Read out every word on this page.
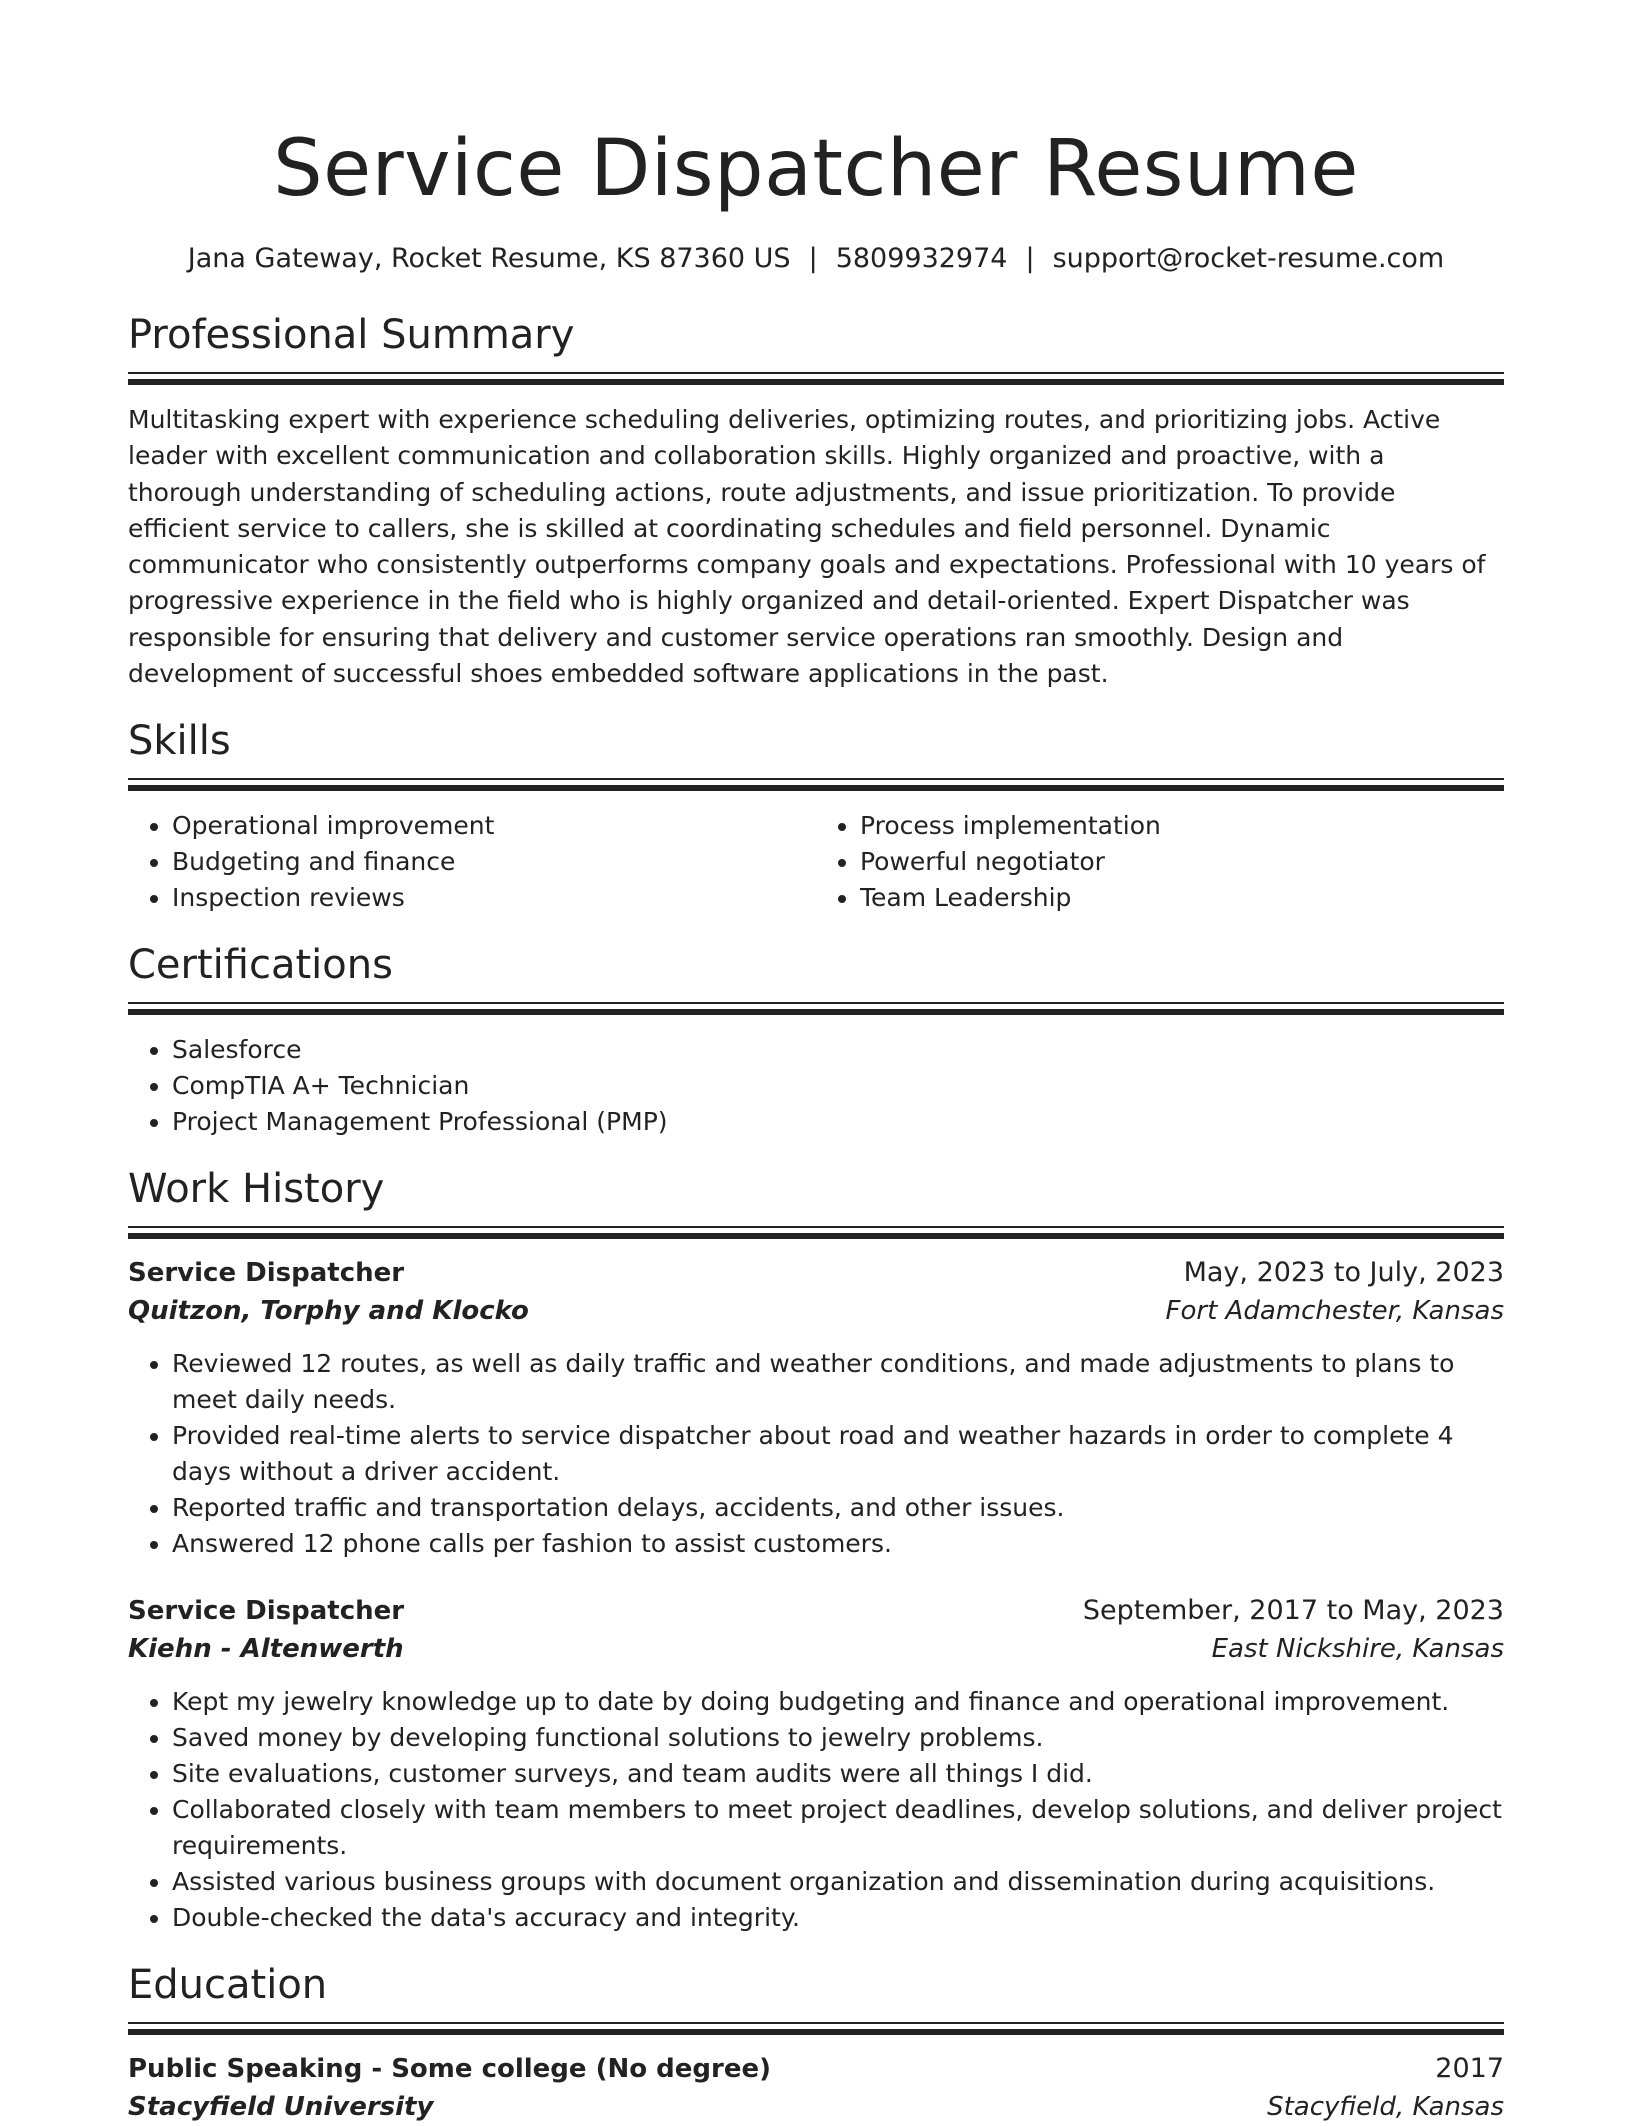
Service Dispatcher Resume
Jana Gateway, Rocket Resume, KS 87360 US | 5809932974 | support@rocket-resume.com
Professional Summary

Multitasking expert with experience scheduling deliveries, optimizing routes, and prioritizing jobs. Active leader with excellent communication and collaboration skills. Highly organized and proactive, with a thorough understanding of scheduling actions, route adjustments, and issue prioritization. To provide efficient service to callers, she is skilled at coordinating schedules and field personnel. Dynamic communicator who consistently outperforms company goals and expectations. Professional with 10 years of progressive experience in the field who is highly organized and detail-oriented. Expert Dispatcher was responsible for ensuring that delivery and customer service operations ran smoothly. Design and development of successful shoes embedded software applications in the past.

Skills
• Operational improvement
• Budgeting and finance
• Inspection reviews
• Process implementation
• Powerful negotiator
• Team Leadership
Certifications
• Salesforce
• CompTIA A+ Technician
• Project Management Professional (PMP)
Work History
Service Dispatcher	May, 2023 to July, 2023
Quitzon, Torphy and Klocko	Fort Adamchester, Kansas
• Reviewed 12 routes, as well as daily traffic and weather conditions, and made adjustments to plans to meet daily needs.
• Provided real-time alerts to service dispatcher about road and weather hazards in order to complete 4 days without a driver accident.
• Reported traffic and transportation delays, accidents, and other issues.
• Answered 12 phone calls per fashion to assist customers.
Service Dispatcher	September, 2017 to May, 2023
Kiehn - Altenwerth	East Nickshire, Kansas
• Kept my jewelry knowledge up to date by doing budgeting and finance and operational improvement.
• Saved money by developing functional solutions to jewelry problems.
• Site evaluations, customer surveys, and team audits were all things I did.
• Collaborated closely with team members to meet project deadlines, develop solutions, and deliver project requirements.
• Assisted various business groups with document organization and dissemination during acquisitions.
• Double-checked the data's accuracy and integrity.
Education
Public Speaking - Some college (No degree)	2017
Stacyfield University	Stacyfield, Kansas
